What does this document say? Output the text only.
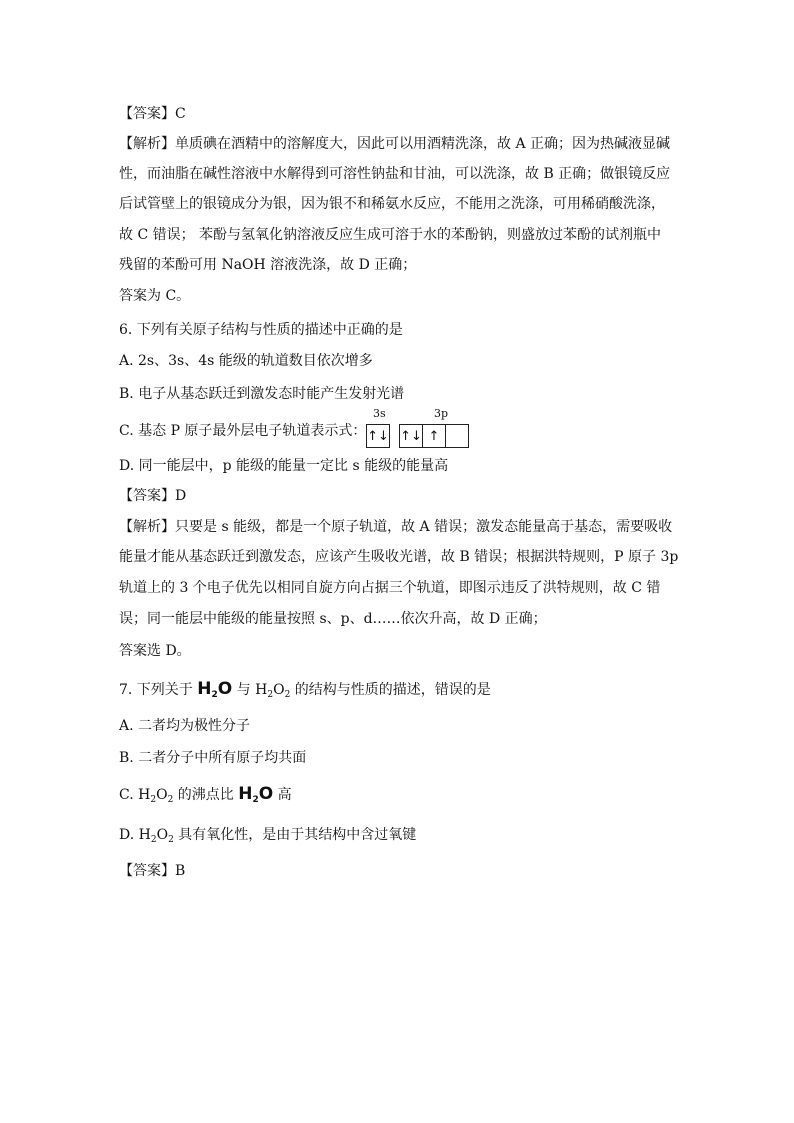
【答案】C
【解析】单质碘在酒精中的溶解度大，因此可以用酒精洗涤，故 A 正确；因为热碱液显碱
性，而油脂在碱性溶液中水解得到可溶性钠盐和甘油，可以洗涤，故 B 正确；做银镜反应
后试管壁上的银镜成分为银，因为银不和稀氨水反应，不能用之洗涤，可用稀硝酸洗涤，
故 C 错误； 苯酚与氢氧化钠溶液反应生成可溶于水的苯酚钠，则盛放过苯酚的试剂瓶中
残留的苯酚可用 NaOH 溶液洗涤，故 D 正确；
答案为 C。
6. 下列有关原子结构与性质的描述中正确的是
A. 2s、3s、4s 能级的轨道数目依次增多
B. 电子从基态跃迁到激发态时能产生发射光谱
C. 基态 P 原子最外层电子轨道表示式：
3s	3p
↑↓ ↑↓ ↑
D. 同一能层中，p 能级的能量一定比 s 能级的能量高
【答案】D
【解析】只要是 s 能级，都是一个原子轨道，故 A 错误；激发态能量高于基态，需要吸收
能量才能从基态跃迁到激发态，应该产生吸收光谱，故 B 错误；根据洪特规则，P 原子 3p
轨道上的 3 个电子优先以相同自旋方向占据三个轨道，即图示违反了洪特规则，故 C 错
误；同一能层中能级的能量按照 s、p、d……依次升高，故 D 正确；
答案选 D。
7. 下列关于 $H_2O$ 与 $H_2O_2$ 的结构与性质的描述，错误的是
A. 二者均为极性分子
B. 二者分子中所有原子均共面
C. $H_2O_2$ 的沸点比 $H_2O$ 高
D. $H_2O_2$ 具有氧化性，是由于其结构中含过氧键
【答案】B
